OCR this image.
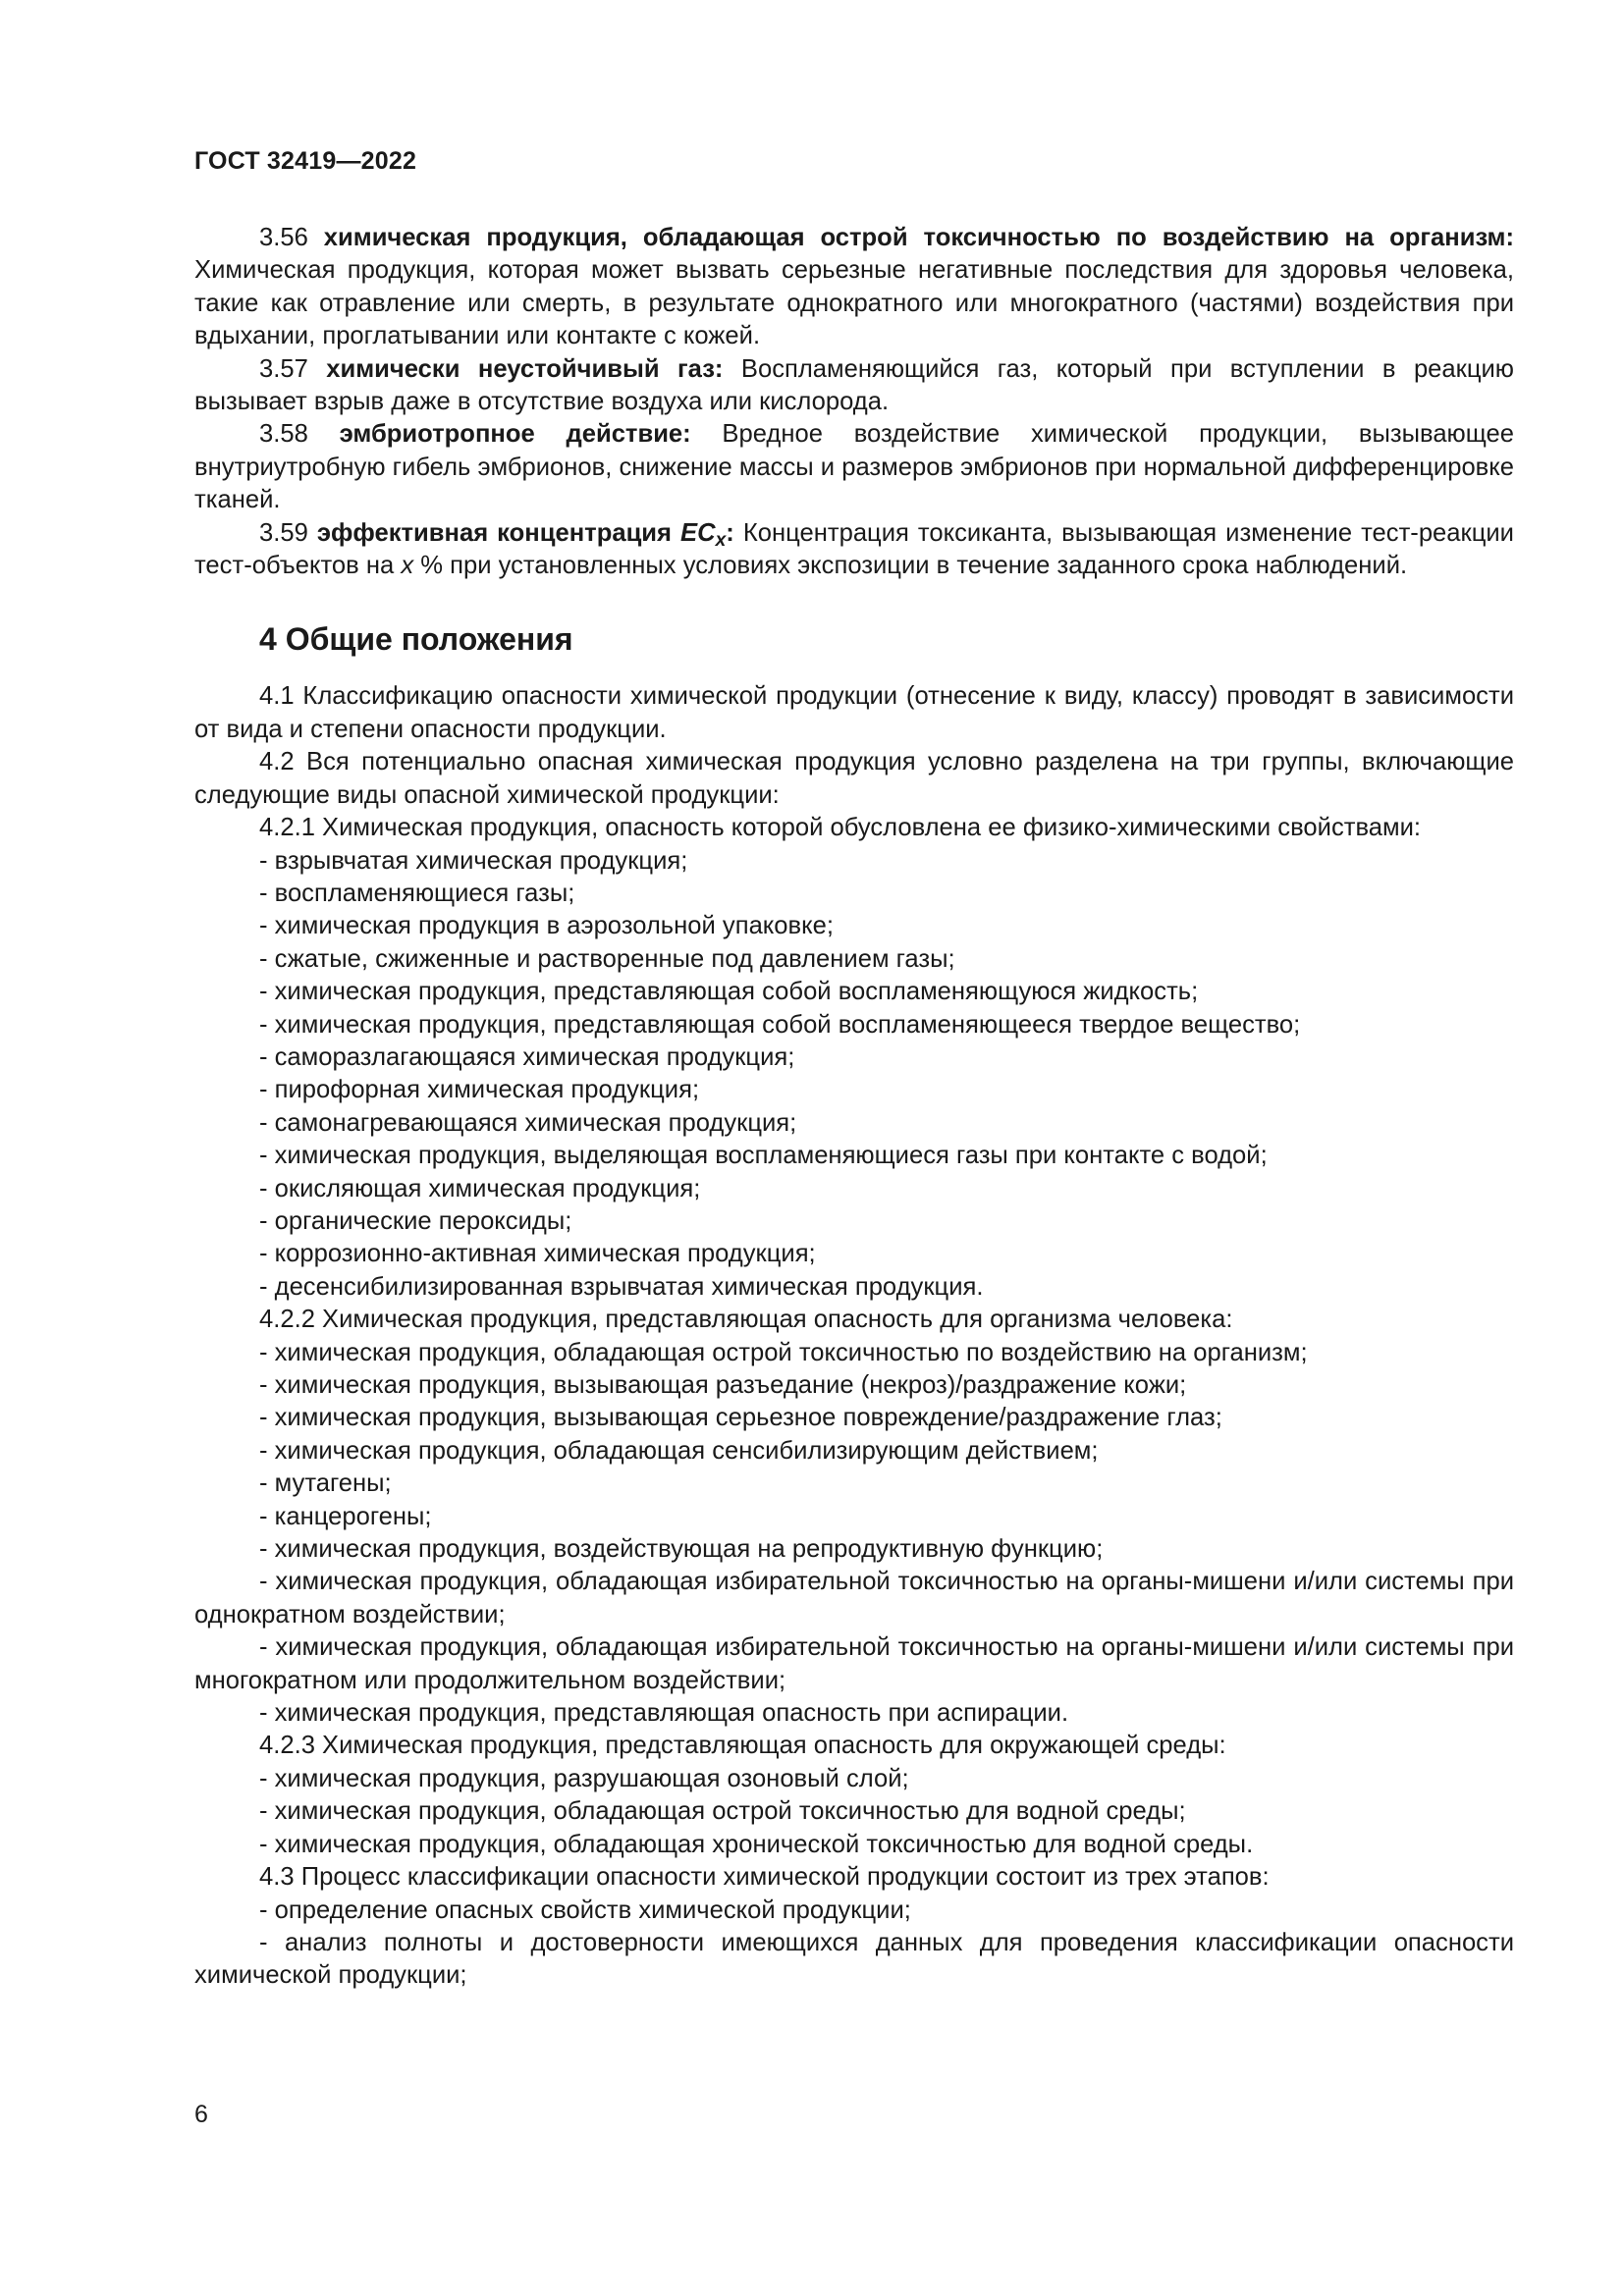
ГОСТ 32419—2022

3.56 химическая продукция, обладающая острой токсичностью по воздействию на организм: Химическая продукция, которая может вызвать серьезные негативные последствия для здоровья человека, такие как отравление или смерть, в результате однократного или многократного (частями) воздействия при вдыхании, проглатывании или контакте с кожей.

3.57 химически неустойчивый газ: Воспламеняющийся газ, который при вступлении в реакцию вызывает взрыв даже в отсутствие воздуха или кислорода.

3.58 эмбриотропное действие: Вредное воздействие химической продукции, вызывающее внутриутробную гибель эмбрионов, снижение массы и размеров эмбрионов при нормальной дифференцировке тканей.

3.59 эффективная концентрация $EC_x$: Концентрация токсиканта, вызывающая изменение тест-реакции тест-объектов на x % при установленных условиях экспозиции в течение заданного срока наблюдений.

4 Общие положения

4.1 Классификацию опасности химической продукции (отнесение к виду, классу) проводят в зависимости от вида и степени опасности продукции.

4.2 Вся потенциально опасная химическая продукция условно разделена на три группы, включающие следующие виды опасной химической продукции:

4.2.1 Химическая продукция, опасность которой обусловлена ее физико-химическими свойствами:

- взрывчатая химическая продукция;

- воспламеняющиеся газы;

- химическая продукция в аэрозольной упаковке;

- сжатые, сжиженные и растворенные под давлением газы;

- химическая продукция, представляющая собой воспламеняющуюся жидкость;

- химическая продукция, представляющая собой воспламеняющееся твердое вещество;

- саморазлагающаяся химическая продукция;

- пирофорная химическая продукция;

- самонагревающаяся химическая продукция;

- химическая продукция, выделяющая воспламеняющиеся газы при контакте с водой;

- окисляющая химическая продукция;

- органические пероксиды;

- коррозионно-активная химическая продукция;

- десенсибилизированная взрывчатая химическая продукция.

4.2.2 Химическая продукция, представляющая опасность для организма человека:

- химическая продукция, обладающая острой токсичностью по воздействию на организм;

- химическая продукция, вызывающая разъедание (некроз)/раздражение кожи;

- химическая продукция, вызывающая серьезное повреждение/раздражение глаз;

- химическая продукция, обладающая сенсибилизирующим действием;

- мутагены;

- канцерогены;

- химическая продукция, воздействующая на репродуктивную функцию;

- химическая продукция, обладающая избирательной токсичностью на органы-мишени и/или системы при однократном воздействии;

- химическая продукция, обладающая избирательной токсичностью на органы-мишени и/или системы при многократном или продолжительном воздействии;

- химическая продукция, представляющая опасность при аспирации.

4.2.3 Химическая продукция, представляющая опасность для окружающей среды:

- химическая продукция, разрушающая озоновый слой;

- химическая продукция, обладающая острой токсичностью для водной среды;

- химическая продукция, обладающая хронической токсичностью для водной среды.

4.3 Процесс классификации опасности химической продукции состоит из трех этапов:

- определение опасных свойств химической продукции;

- анализ полноты и достоверности имеющихся данных для проведения классификации опасности химической продукции;

6
